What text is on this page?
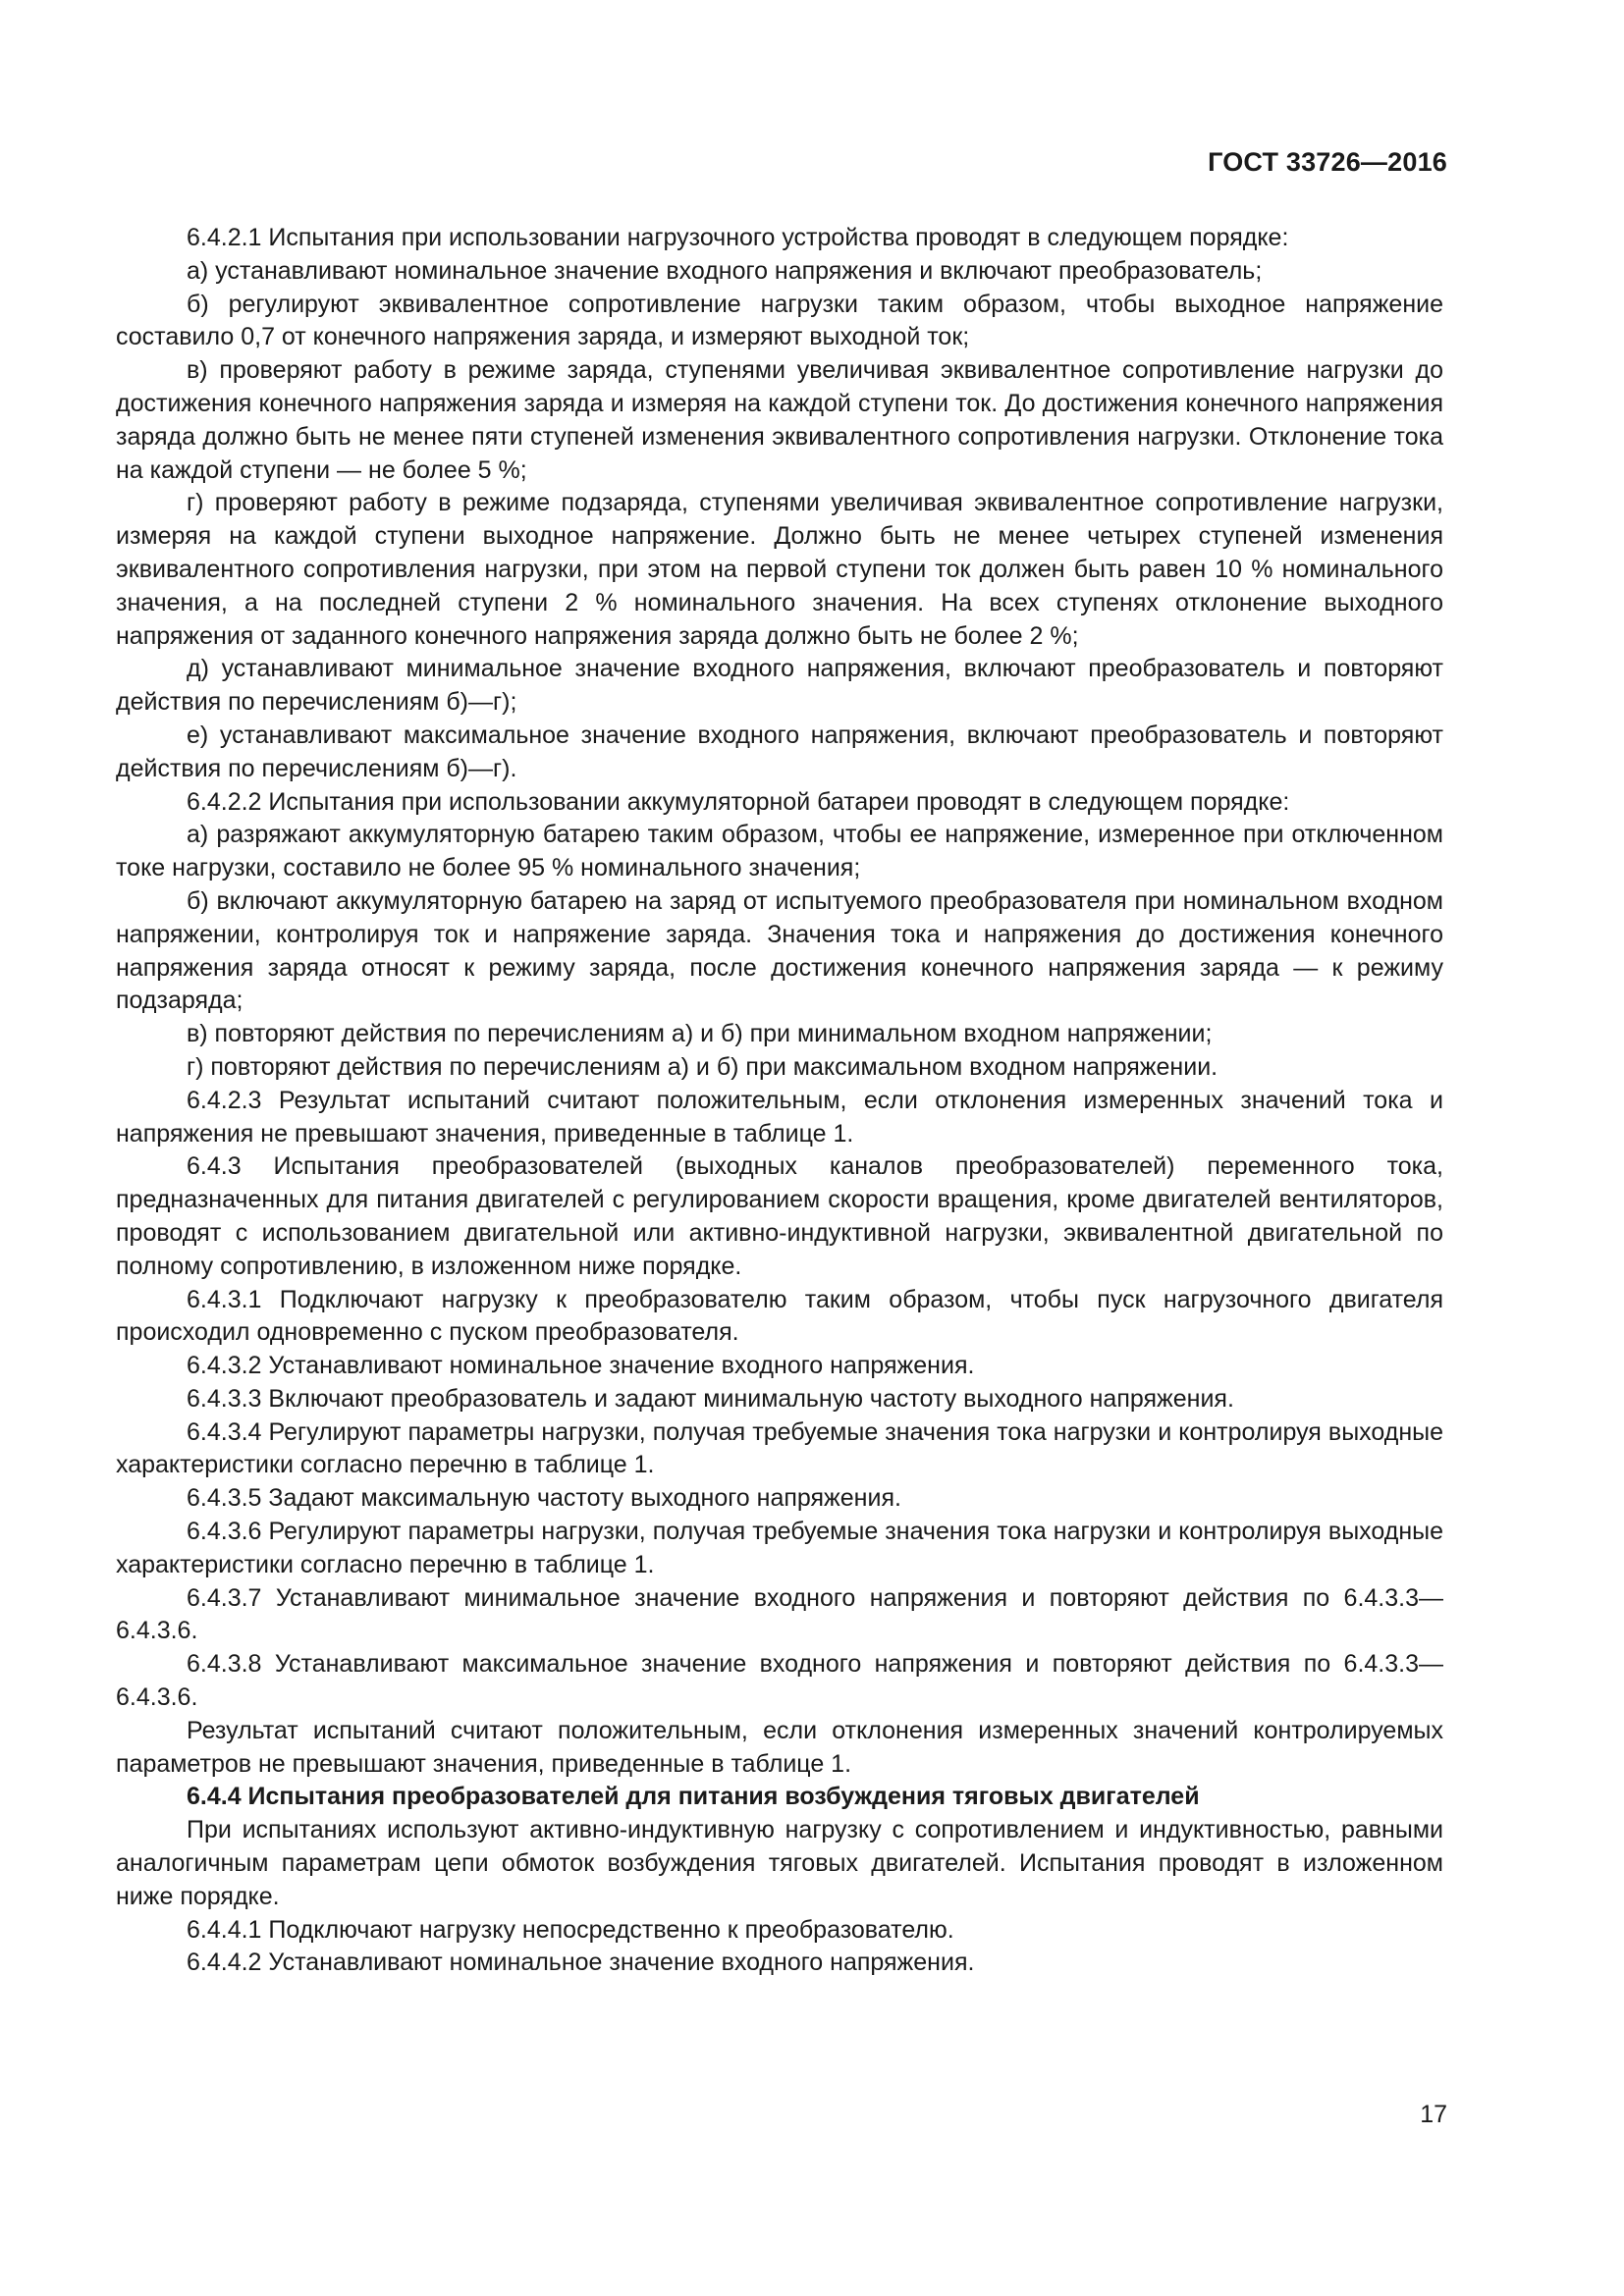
ГОСТ 33726—2016

6.4.2.1 Испытания при использовании нагрузочного устройства проводят в следующем порядке:

а) устанавливают номинальное значение входного напряжения и включают преобразователь;

б) регулируют эквивалентное сопротивление нагрузки таким образом, чтобы выходное напряжение составило 0,7 от конечного напряжения заряда, и измеряют выходной ток;

в) проверяют работу в режиме заряда, ступенями увеличивая эквивалентное сопротивление нагрузки до достижения конечного напряжения заряда и измеряя на каждой ступени ток. До достижения конечного напряжения заряда должно быть не менее пяти ступеней изменения эквивалентного сопротивления нагрузки. Отклонение тока на каждой ступени — не более 5 %;

г) проверяют работу в режиме подзаряда, ступенями увеличивая эквивалентное сопротивление нагрузки, измеряя на каждой ступени выходное напряжение. Должно быть не менее четырех ступеней изменения эквивалентного сопротивления нагрузки, при этом на первой ступени ток должен быть равен 10 % номинального значения, а на последней ступени 2 % номинального значения. На всех ступенях отклонение выходного напряжения от заданного конечного напряжения заряда должно быть не более 2 %;

д) устанавливают минимальное значение входного напряжения, включают преобразователь и повторяют действия по перечислениям б)—г);

е) устанавливают максимальное значение входного напряжения, включают преобразователь и повторяют действия по перечислениям б)—г).

6.4.2.2 Испытания при использовании аккумуляторной батареи проводят в следующем порядке:

а) разряжают аккумуляторную батарею таким образом, чтобы ее напряжение, измеренное при отключенном токе нагрузки, составило не более 95 % номинального значения;

б) включают аккумуляторную батарею на заряд от испытуемого преобразователя при номинальном входном напряжении, контролируя ток и напряжение заряда. Значения тока и напряжения до достижения конечного напряжения заряда относят к режиму заряда, после достижения конечного напряжения заряда — к режиму подзаряда;

в) повторяют действия по перечислениям а) и б) при минимальном входном напряжении;

г) повторяют действия по перечислениям а) и б) при максимальном входном напряжении.

6.4.2.3 Результат испытаний считают положительным, если отклонения измеренных значений тока и напряжения не превышают значения, приведенные в таблице 1.

6.4.3 Испытания преобразователей (выходных каналов преобразователей) переменного тока, предназначенных для питания двигателей с регулированием скорости вращения, кроме двигателей вентиляторов, проводят с использованием двигательной или активно-индуктивной нагрузки, эквивалентной двигательной по полному сопротивлению, в изложенном ниже порядке.

6.4.3.1 Подключают нагрузку к преобразователю таким образом, чтобы пуск нагрузочного двигателя происходил одновременно с пуском преобразователя.

6.4.3.2 Устанавливают номинальное значение входного напряжения.

6.4.3.3 Включают преобразователь и задают минимальную частоту выходного напряжения.

6.4.3.4 Регулируют параметры нагрузки, получая требуемые значения тока нагрузки и контролируя выходные характеристики согласно перечню в таблице 1.

6.4.3.5 Задают максимальную частоту выходного напряжения.

6.4.3.6 Регулируют параметры нагрузки, получая требуемые значения тока нагрузки и контролируя выходные характеристики согласно перечню в таблице 1.

6.4.3.7 Устанавливают минимальное значение входного напряжения и повторяют действия по 6.4.3.3—6.4.3.6.

6.4.3.8 Устанавливают максимальное значение входного напряжения и повторяют действия по 6.4.3.3—6.4.3.6.

Результат испытаний считают положительным, если отклонения измеренных значений контролируемых параметров не превышают значения, приведенные в таблице 1.

6.4.4 Испытания преобразователей для питания возбуждения тяговых двигателей

При испытаниях используют активно-индуктивную нагрузку с сопротивлением и индуктивностью, равными аналогичным параметрам цепи обмоток возбуждения тяговых двигателей. Испытания проводят в изложенном ниже порядке.

6.4.4.1 Подключают нагрузку непосредственно к преобразователю.

6.4.4.2 Устанавливают номинальное значение входного напряжения.

17
